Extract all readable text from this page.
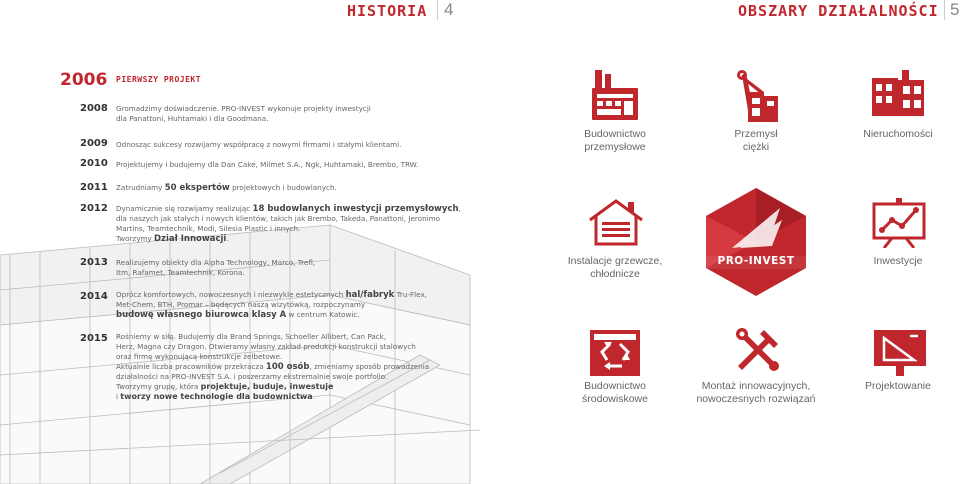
HISTORIA 4	OBSZARY DZIAŁALNOŚCI 5
2006 PIERWSZY PROJEKT
2008 Gromadzimy doświadczenie. PRO-INVEST wykonuje projekty inwestycji
dla Panattoni, Huhtamaki i dla Goodmana.
2009 Odnosząc sukcesy rozwijamy współpracę z nowymi firmami i stałymi klientami.
2010 Projektujemy i budujemy dla Dan Cake, Milmet S.A., Ngk, Huhtamaki, Brembo, TRW.
2011 Zatrudniamy 50 ekspertów projektowych i budowlanych.
2012 Dynamicznie się rozwijamy realizując 18 budowlanych inwestycji przemysłowych,
dla naszych jak stałych i nowych klientów, takich jak Brembo, Takeda, Panattoni, Jeronimo
Martins, Teamtechnik, Modi, Silesia Plastic i innych.
Tworzymy Dział Innowacji.
2013 Realizujemy obiekty dla Alpha Technology, Marco, Trefl,
Itm, Rafamet, Teamtechnik, Korona.
2014 Oprócz komfortowych, nowoczesnych i niezwykle estetycznych hal/fabryk Tru-Flex,
Met-Chem, BTH, Promar – będących naszą wizytówką, rozpoczynamy
budowę własnego biurowca klasy A w centrum Katowic.
2015 Rośniemy w siłę. Budujemy dla Brand Springs, Schoeller Allibert, Can Pack,
Herz, Magna czy Dragon. Otwieramy własny zakład produkcji konstrukcji stalowych
oraz firmę wykonującą konstrukcje żelbetowe.
Aktualnie liczba pracowników przekracza 100 osób, zmieniamy sposób prowadzenia
działalności na PRO-INVEST S.A. i poszerzamy ekstremalnie swoje portfolio.
Tworzymy grupę, która projektuje, buduje, inwestuje
i tworzy nowe technologie dla budownictwa.
Budownictwo
przemysłowe
Przemysł
ciężki
Nieruchomości
Instalacje grzewcze,
chłodnicze
PRO-INVEST	Inwestycje
Budownictwo
środowiskowe
Montaż innowacyjnych,
nowoczesnych rozwiązań
Projektowanie
